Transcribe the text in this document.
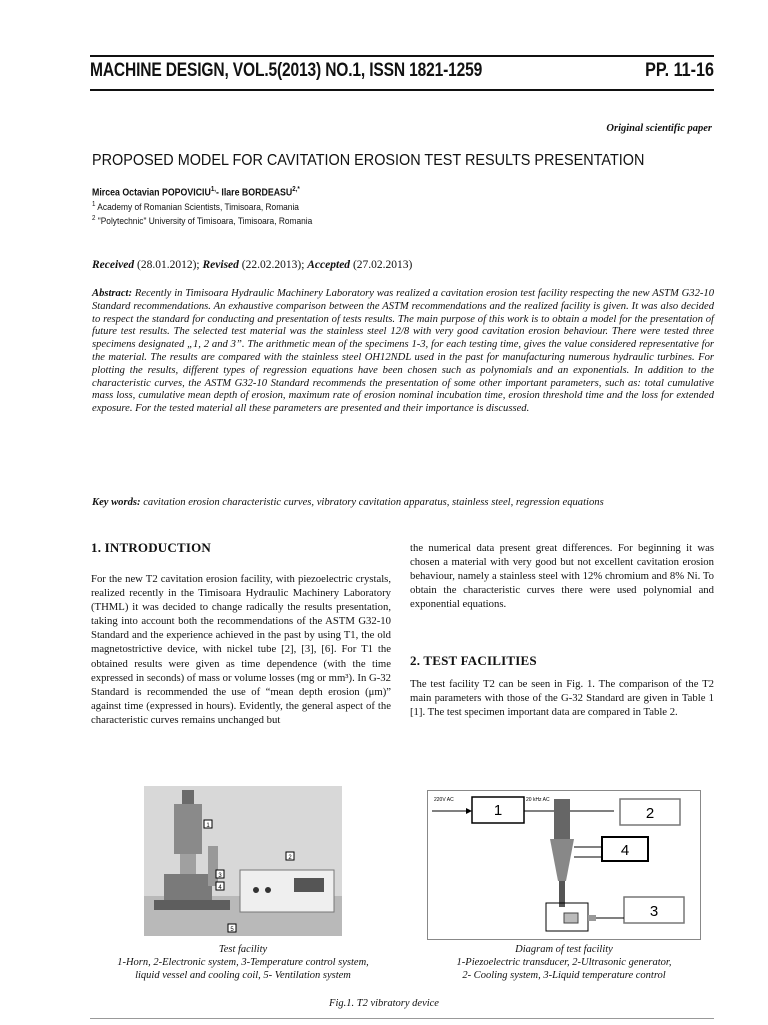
MACHINE DESIGN, VOL.5(2013) NO.1, ISSN 1821-1259	PP. 11-16
Original scientific paper
PROPOSED MODEL FOR CAVITATION EROSION TEST RESULTS PRESENTATION
Mircea Octavian $POPOVICIU^{1,}-$ Ilare $BORDEASU^{2,*}$
$^1$ Academy of Romanian Scientists, Timisoara, Romania
$^2$ "Polytechnic" University of Timisoara, Timisoara, Romania
Received (28.01.2012); Revised (22.02.2013); Accepted (27.02.2013)
Abstract: Recently in Timisoara Hydraulic Machinery Laboratory was realized a cavitation erosion test facility respecting the new ASTM G32-10 Standard recommendations. An exhaustive comparison between the ASTM recommendations and the realized facility is given. It was also decided to respect the standard for conducting and presentation of tests results. The main purpose of this work is to obtain a model for the presentation of future test results. The selected test material was the stainless steel 12/8 with very good cavitation erosion behaviour. There were tested three specimens designated „1, 2 and 3”. The arithmetic mean of the specimens 1-3, for each testing time, gives the value considered representative for the material. The results are compared with the stainless steel OH12NDL used in the past for manufacturing numerous hydraulic turbines. For plotting the results, different types of regression equations have been chosen such as polynomials and an exponentials. In addition to the characteristic curves, the ASTM G32-10 Standard recommends the presentation of some other important parameters, such as: total cumulative mass loss, cumulative mean depth of erosion, maximum rate of erosion nominal incubation time, erosion threshold time and the loss for extended exposure. For the tested material all these parameters are presented and their importance is discussed.
Key words: cavitation erosion characteristic curves, vibratory cavitation apparatus, stainless steel, regression equations
1. INTRODUCTION
For the new T2 cavitation erosion facility, with piezoelectric crystals, realized recently in the Timisoara Hydraulic Machinery Laboratory (THML) it was decided to change radically the results presentation, taking into account both the recommendations of the ASTM G32-10 Standard and the experience achieved in the past by using T1, the old magnetostrictive device, with nickel tube [2], [3], [6]. For T1 the obtained results were given as time dependence (with the time expressed in seconds) of mass or volume losses (mg or mm³). In G-32 Standard is recommended the use of “mean depth erosion (μm)” against time (expressed in hours). Evidently, the general aspect of the characteristic curves remains unchanged but
the numerical data present great differences. For beginning it was chosen a material with very good but not excellent cavitation erosion behaviour, namely a stainless steel with 12% chromium and 8% Ni. To obtain the characteristic curves there were used polynomial and exponential equations.
2. TEST FACILITIES
The test facility T2 can be seen in Fig. 1. The comparison of the T2 main parameters with those of the G-32 Standard are given in Table 1 [1]. The test specimen important data are compared in Table 2.
1
2
3
4
5
220V AC	20 kHz AC
1	2
4
3
Test facility
1-Horn, 2-Electronic system, 3-Temperature control system,
liquid vessel and cooling coil, 5- Ventilation system
Diagram of test facility
1-Piezoelectric transducer, 2-Ultrasonic generator,
2- Cooling system, 3-Liquid temperature control
Fig.1. T2 vibratory device
